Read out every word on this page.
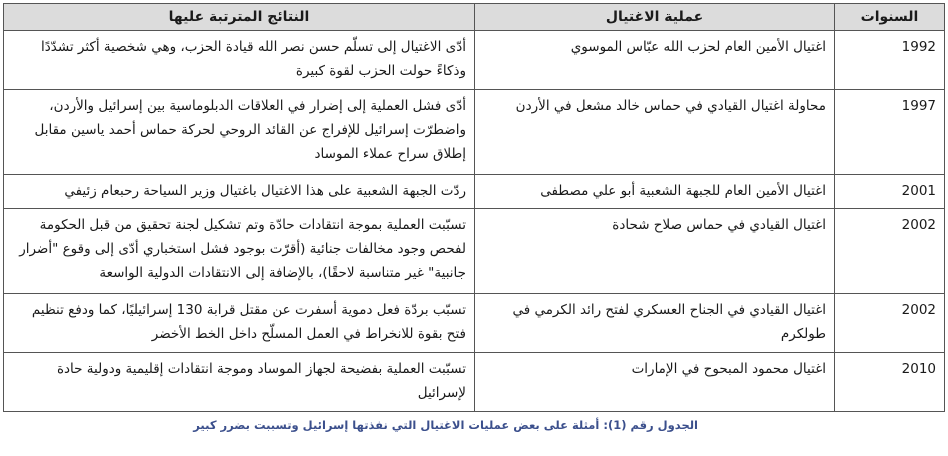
السنوات	عملية الاغتيال	النتائج المترتبة عليها
1992	اغتيال الأمين العام لحزب الله عبّاس الموسوي	أدّى الاغتيال إلى تسلّم حسن نصر الله قيادة الحزب، وهي شخصية أكثر تشدّدًا وذكاءً حولت الحزب لقوة كبيرة
1997	محاولة اغتيال القيادي في حماس خالد مشعل في الأردن	أدّى فشل العملية إلى إضرار في العلاقات الدبلوماسية بين إسرائيل والأردن، واضطرّت إسرائيل للإفراج عن القائد الروحي لحركة حماس أحمد ياسين مقابل إطلاق سراح عملاء الموساد
2001	اغتيال الأمين العام للجبهة الشعبية أبو علي مصطفى	ردّت الجبهة الشعبية على هذا الاغتيال باغتيال وزير السياحة رحبعام زئيفي
2002	اغتيال القيادي في حماس صلاح شحادة	تسبّبت العملية بموجة انتقادات حادّة وتم تشكيل لجنة تحقيق من قبل الحكومة لفحص وجود مخالفات جنائية (أقرّت بوجود فشل استخباري أدّى إلى وقوع "أضرار جانبية" غير متناسبة لاحقًا)، بالإضافة إلى الانتقادات الدولية الواسعة
2002	اغتيال القيادي في الجناح العسكري لفتح رائد الكرمي في طولكرم	تسبّب بردّة فعل دموية أسفرت عن مقتل قرابة 130 إسرائيليًا، كما ودفع تنظيم فتح بقوة للانخراط في العمل المسلّح داخل الخط الأخضر
2010	اغتيال محمود المبحوح في الإمارات	تسبّبت العملية بفضيحة لجهاز الموساد وموجة انتقادات إقليمية ودولية حادة لإسرائيل
الجدول رقم (1): أمثلة على بعض عمليات الاغتيال التي نفذتها إسرائيل وتسببت بضرر كبير
